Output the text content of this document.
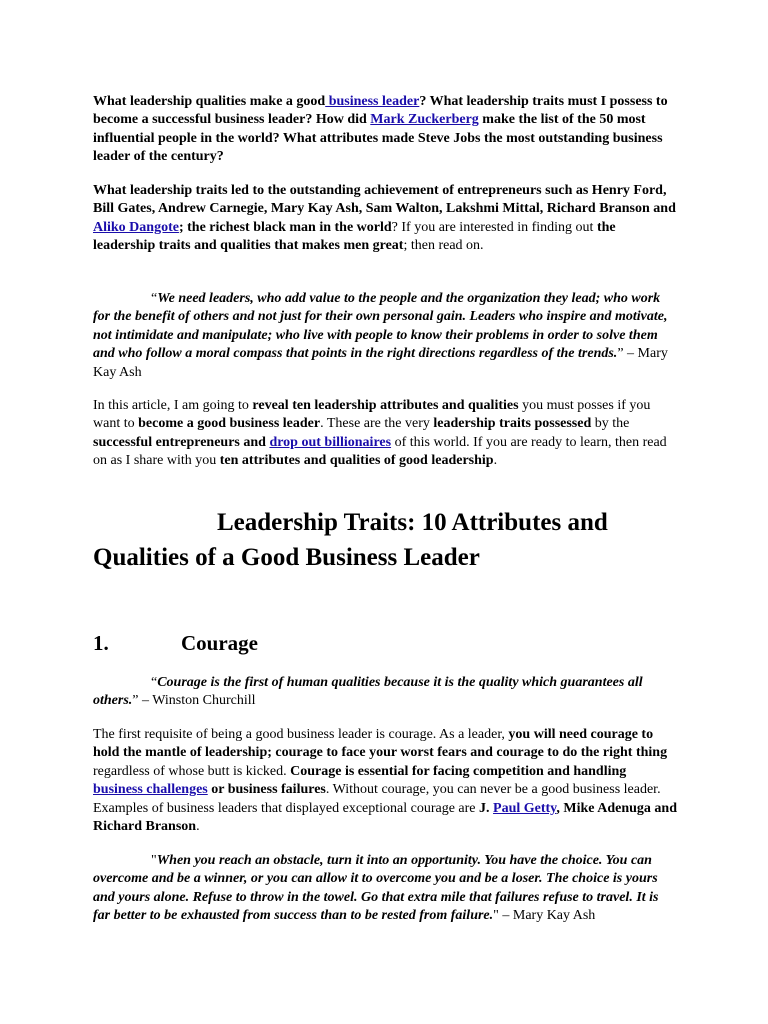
What leadership qualities make a good business leader? What leadership traits must I possess to become a successful business leader? How did Mark Zuckerberg make the list of the 50 most influential people in the world? What attributes made Steve Jobs the most outstanding business leader of the century?

What leadership traits led to the outstanding achievement of entrepreneurs such as Henry Ford, Bill Gates, Andrew Carnegie, Mary Kay Ash, Sam Walton, Lakshmi Mittal, Richard Branson and Aliko Dangote; the richest black man in the world? If you are interested in finding out the leadership traits and qualities that makes men great; then read on.

“We need leaders, who add value to the people and the organization they lead; who work for the benefit of others and not just for their own personal gain. Leaders who inspire and motivate, not intimidate and manipulate; who live with people to know their problems in order to solve them and who follow a moral compass that points in the right directions regardless of the trends.” – Mary Kay Ash

In this article, I am going to reveal ten leadership attributes and qualities you must posses if you want to become a good business leader. These are the very leadership traits possessed by the successful entrepreneurs and drop out billionaires of this world. If you are ready to learn, then read on as I share with you ten attributes and qualities of good leadership.

Leadership Traits: 10 Attributes and Qualities of a Good Business Leader
1.	Courage

“Courage is the first of human qualities because it is the quality which guarantees all others.” – Winston Churchill

The first requisite of being a good business leader is courage. As a leader, you will need courage to hold the mantle of leadership; courage to face your worst fears and courage to do the right thing regardless of whose butt is kicked. Courage is essential for facing competition and handling business challenges or business failures. Without courage, you can never be a good business leader. Examples of business leaders that displayed exceptional courage are J. Paul Getty, Mike Adenuga and Richard Branson.

"When you reach an obstacle, turn it into an opportunity. You have the choice. You can overcome and be a winner, or you can allow it to overcome you and be a loser. The choice is yours and yours alone. Refuse to throw in the towel. Go that extra mile that failures refuse to travel. It is far better to be exhausted from success than to be rested from failure." – Mary Kay Ash
